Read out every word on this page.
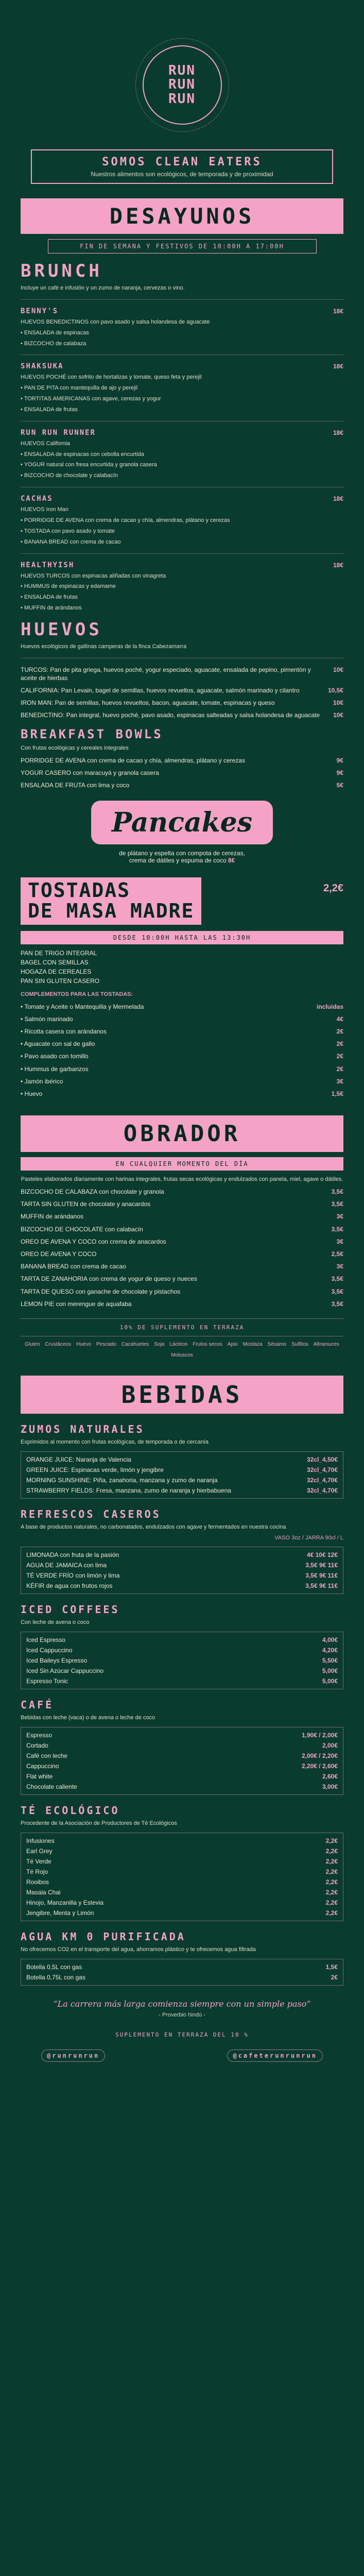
RUN
RUN
RUN
SOMOS CLEAN EATERS
Nuestros alimentos son ecológicos, de temporada y de proximidad
DESAYUNOS
FIN DE SEMANA Y FESTIVOS DE 10:00H A 17:00H
BRUNCH
Incluye un café e infusión y un zumo de naranja, cervezas o vino.
BENNY'S	18€
HUEVOS BENEDICTINOS con pavo asado y salsa holandesa de aguacate
• ENSALADA de espinacas
• BIZCOCHO de calabaza
SHAKSUKA	18€
HUEVOS POCHÉ con sofrito de hortalizas y tomate, queso feta y perejil
• PAN DE PITA con mantequilla de ajo y perejil
• TORTITAS AMERICANAS con agave, cerezas y yogur
• ENSALADA de frutas
RUN RUN RUNNER	18€
HUEVOS California
• ENSALADA de espinacas con cebolla encurtida
• YOGUR natural con fresa encurtida y granola casera
• BIZCOCHO de chocolate y calabacín
CACHAS	18€
HUEVOS Iron Man
• PORRIDGE DE AVENA con crema de cacao y chía, almendras, plátano y cerezas
• TOSTADA con pavo asado y tomate
• BANANA BREAD con crema de cacao
HEALTHYISH	18€
HUEVOS TURCOS con espinacas aliñadas con vinagreta
• HUMMUS de espinacas y edamame
• ENSALADA de frutas
• MUFFIN de arándanos
HUEVOS
Huevos ecológicos de gallinas camperas de la finca Cabezamarra
TURCOS: Pan de pita griega, huevos poché, yogur especiado, aguacate, ensalada de pepino, pimentón y aceite de hierbas
10€
CALIFORNIA: Pan Levain, bagel de semillas, huevos revueltos, aguacate, salmón marinado y cilantro	10,5€
IRON MAN: Pan de semillas, huevos revueltos, bacon, aguacate, tomate, espinacas y queso	10€
BENEDICTINO: Pan integral, huevo poché, pavo asado, espinacas salteadas y salsa holandesa de aguacate 10€
BREAKFAST BOWLS
Con frutas ecológicas y cereales integrales
PORRIDGE DE AVENA con crema de cacao y chía, almendras, plátano y cerezas	9€
YOGUR CASERO con maracuyá y granola casera	9€
ENSALADA DE FRUTA con lima y coco	5€
Pancakes
de plátano y espelta con compota de cerezas,
crema de dátiles y espuma de coco 8€
TOSTADAS
DE MASA MADRE
2,2€
DESDE 10:00H HASTA LAS 13:30H
PAN DE TRIGO INTEGRAL
BAGEL CON SEMILLAS
HOGAZA DE CEREALES
PAN SIN GLUTEN CASERO
COMPLEMENTOS PARA LAS TOSTADAS:
• Tomate y Aceite o Mantequilla y Mermelada	incluidas
• Salmón marinado	4€
• Ricotta casera con arándanos	2€
• Aguacate con sal de gallo	2€
• Pavo asado con tomillo	2€
• Hummus de garbanzos	2€
• Jamón ibérico	3€
• Huevo	1,5€
OBRADOR
EN CUALQUIER MOMENTO DEL DÍA
Pasteles elaborados diariamente con harinas integrales, frutas secas ecológicas y endulzados con panela, miel, agave o dátiles.
BIZCOCHO DE CALABAZA con chocolate y granola	3,5€
TARTA SIN GLUTEN de chocolate y anacardos	3,5€
MUFFIN de arándanos	3€
BIZCOCHO DE CHOCOLATE con calabacín	3,5€
OREO DE AVENA Y COCO con crema de anacardos	3€
OREO DE AVENA Y COCO	2,5€
BANANA BREAD con crema de cacao	3€
TARTA DE ZANAHORIA con crema de yogur de queso y nueces	3,5€
TARTA DE QUESO con ganache de chocolate y pistachos	3,5€
LEMON PIE con merengue de aquafaba	3,5€
10% DE SUPLEMENTO EN TERRAZA
Gluten Crustáceos Huevo Pescado Cacahuetes Soja Lácteos Frutos secos Apio Mostaza Sésamo Sulfitos Altramuces
Moluscos
BEBIDAS
ZUMOS NATURALES
Exprimidos al momento con frutas ecológicas, de temporada o de cercanía
ORANGE JUICE: Naranja de Valencia	32cl_4,50€
GREEN JUICE: Espinacas verde, limón y jengibre	32cl_4,70€
MORNING SUNSHINE: Piña, zanahoria, manzana y zumo de naranja	32cl_4,70€
STRAWBERRY FIELDS: Fresa, manzana, zumo de naranja y hierbabuena	32cl_4,70€
REFRESCOS CASEROS
A base de productos naturales, no carbonatados, endulzados con agave y fermentados en nuestra cocina
VASO 3oz / JARRA 90cl / L
LIMONADA con fruta de la pasión	4€ 10€ 12€
AGUA DE JAMAICA con lima	3,5€ 9€ 11€
TÉ VERDE FRÍO con limón y lima	3,5€ 9€ 11€
KÉFIR de agua con frutos rojos	3,5€ 9€ 11€
ICED COFFEES
Con leche de avena o coco
Iced Espresso	4,00€
Iced Cappuccino	4,20€
Iced Baileys Espresso	5,50€
Iced Sin Azúcar Cappuccino	5,00€
Espresso Tonic	5,00€
CAFÉ
Bebidas con leche (vaca) o de avena o leche de coco
Espresso	1,90€ / 2,00€
Cortado	2,00€
Café con leche	2,00€ / 2,20€
Cappuccino	2,20€ / 2,60€
Flat white	2,60€
Chocolate caliente	3,00€
TÉ ECOLÓGICO
Procedente de la Asociación de Productores de Té Ecológicos
Infusiones	2,2€
Earl Grey	2,2€
Té Verde	2,2€
Té Rojo	2,2€
Rooibos	2,2€
Masala Chai	2,2€
Hinojo, Manzanilla y Estevia	2,2€
Jengibre, Menta y Limón	2,2€
AGUA KM 0 PURIFICADA
No ofrecemos CO2 en el transporte del agua, ahorramos plástico y te ofrecemos agua filtrada
Botella 0,5L con gas	1,5€
Botella 0,75L con gas	2€
“La carrera más larga comienza siempre con un simple paso”
- Proverbio hindú -
SUPLEMENTO EN TERRAZA DEL 10 %
@runrunrun	@cafeterunrunrun
